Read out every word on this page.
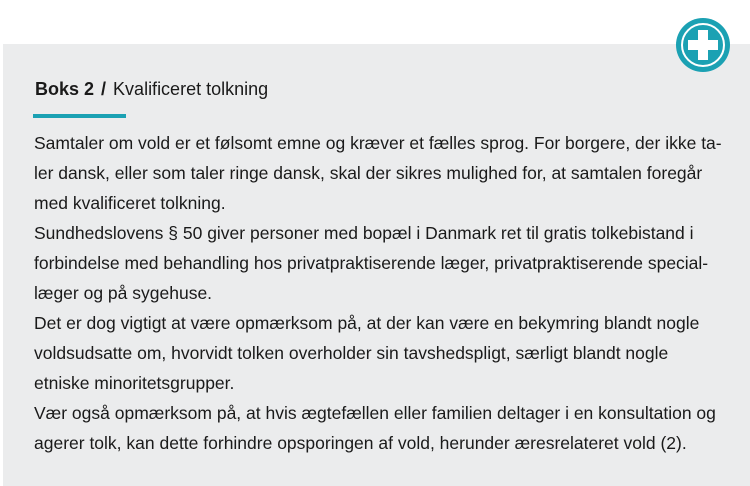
Boks 2 / Kvalificeret tolkning
Samtaler om vold er et følsomt emne og kræver et fælles sprog. For borgere, der ikke ta-
ler dansk, eller som taler ringe dansk, skal der sikres mulighed for, at samtalen foregår
med kvalificeret tolkning.
Sundhedslovens § 50 giver personer med bopæl i Danmark ret til gratis tolkebistand i
forbindelse med behandling hos privatpraktiserende læger, privatpraktiserende special-
læger og på sygehuse.
Det er dog vigtigt at være opmærksom på, at der kan være en bekymring blandt nogle
voldsudsatte om, hvorvidt tolken overholder sin tavshedspligt, særligt blandt nogle
etniske minoritetsgrupper.
Vær også opmærksom på, at hvis ægtefællen eller familien deltager i en konsultation og
agerer tolk, kan dette forhindre opsporingen af vold, herunder æresrelateret vold (2).
